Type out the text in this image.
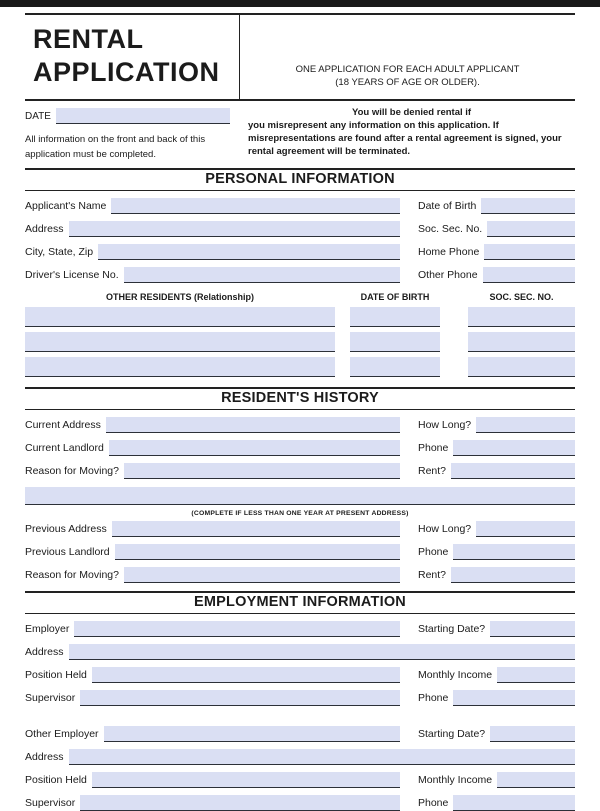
RENTAL
APPLICATION	ONE APPLICATION FOR EACH ADULT APPLICANT (18 YEARS OF AGE OR OLDER).
DATE
All information on the front and back of this application must be completed.
You will be denied rental if
you misrepresent any information on this application. If misrepresentations are found after a rental agreement is signed, your rental agreement will be terminated.
PERSONAL INFORMATION
Applicant's Name	Date of Birth
Address	Soc. Sec. No.
City, State, Zip	Home Phone
Driver's License No.	Other Phone
OTHER RESIDENTS (Relationship)	DATE OF BIRTH	SOC. SEC. NO.
RESIDENT'S HISTORY
Current Address	How Long?
Current Landlord	Phone
Reason for Moving?	Rent?
(COMPLETE IF LESS THAN ONE YEAR AT PRESENT ADDRESS)
Previous Address	How Long?
Previous Landlord	Phone
Reason for Moving?	Rent?
EMPLOYMENT INFORMATION
Employer	Starting Date?
Address
Position Held	Monthly Income
Supervisor	Phone
Other Employer	Starting Date?
Address
Position Held	Monthly Income
Supervisor	Phone
